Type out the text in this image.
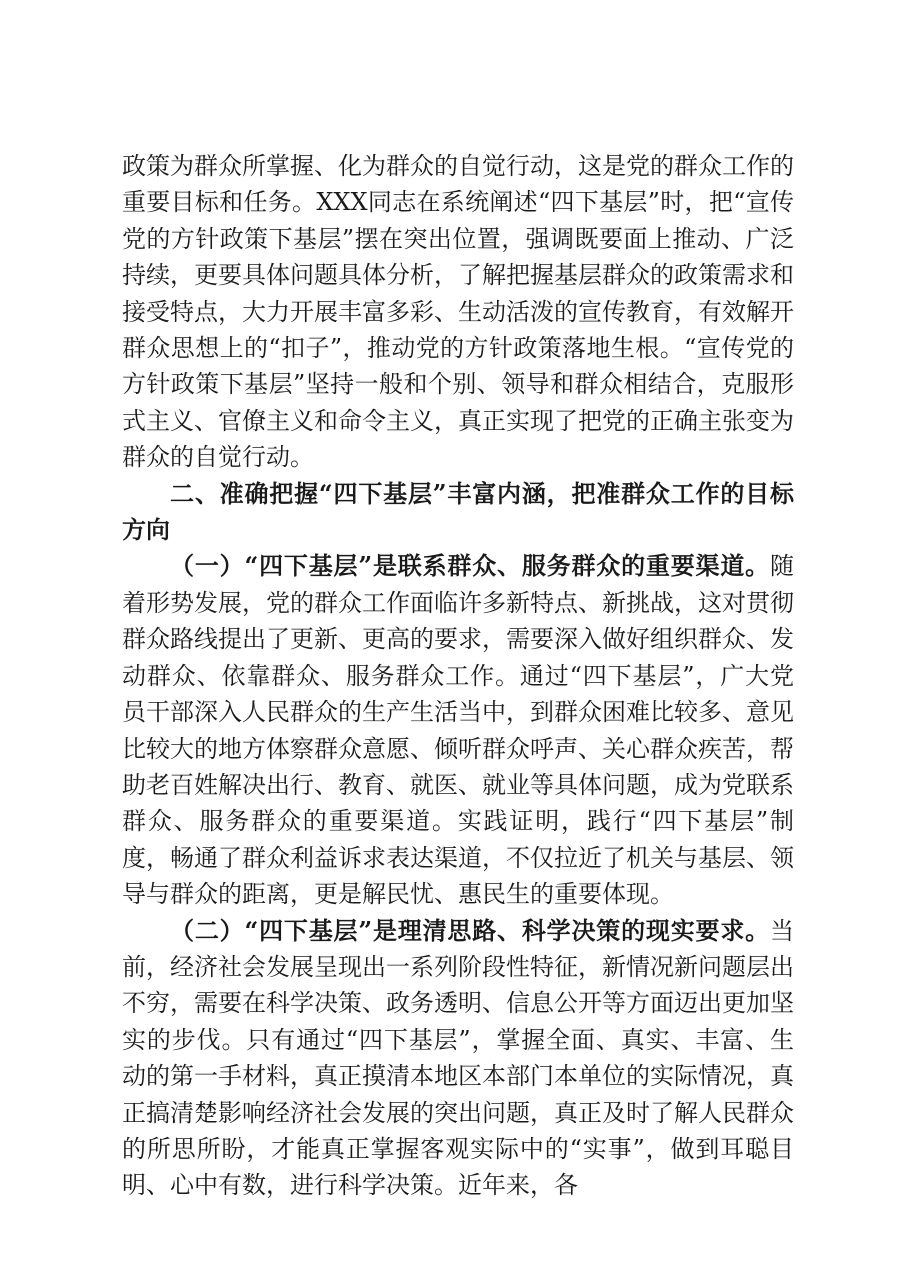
政策为群众所掌握、化为群众的自觉行动，这是党的群众工作的重要目标和任务。XXX同志在系统阐述“四下基层”时，把“宣传党的方针政策下基层”摆在突出位置，强调既要面上推动、广泛持续，更要具体问题具体分析，了解把握基层群众的政策需求和接受特点，大力开展丰富多彩、生动活泼的宣传教育，有效解开群众思想上的“扣子”，推动党的方针政策落地生根。“宣传党的方针政策下基层”坚持一般和个别、领导和群众相结合，克服形式主义、官僚主义和命令主义，真正实现了把党的正确主张变为群众的自觉行动。

二、准确把握“四下基层”丰富内涵，把准群众工作的目标方向

（一）“四下基层”是联系群众、服务群众的重要渠道。随着形势发展，党的群众工作面临许多新特点、新挑战，这对贯彻群众路线提出了更新、更高的要求，需要深入做好组织群众、发动群众、依靠群众、服务群众工作。通过“四下基层”，广大党员干部深入人民群众的生产生活当中，到群众困难比较多、意见比较大的地方体察群众意愿、倾听群众呼声、关心群众疾苦，帮助老百姓解决出行、教育、就医、就业等具体问题，成为党联系群众、服务群众的重要渠道。实践证明，践行“四下基层”制度，畅通了群众利益诉求表达渠道，不仅拉近了机关与基层、领导与群众的距离，更是解民忧、惠民生的重要体现。

（二）“四下基层”是理清思路、科学决策的现实要求。当前，经济社会发展呈现出一系列阶段性特征，新情况新问题层出不穷，需要在科学决策、政务透明、信息公开等方面迈出更加坚实的步伐。只有通过“四下基层”，掌握全面、真实、丰富、生动的第一手材料，真正摸清本地区本部门本单位的实际情况，真正搞清楚影响经济社会发展的突出问题，真正及时了解人民群众的所思所盼，才能真正掌握客观实际中的“实事”，做到耳聪目明、心中有数，进行科学决策。近年来，各
